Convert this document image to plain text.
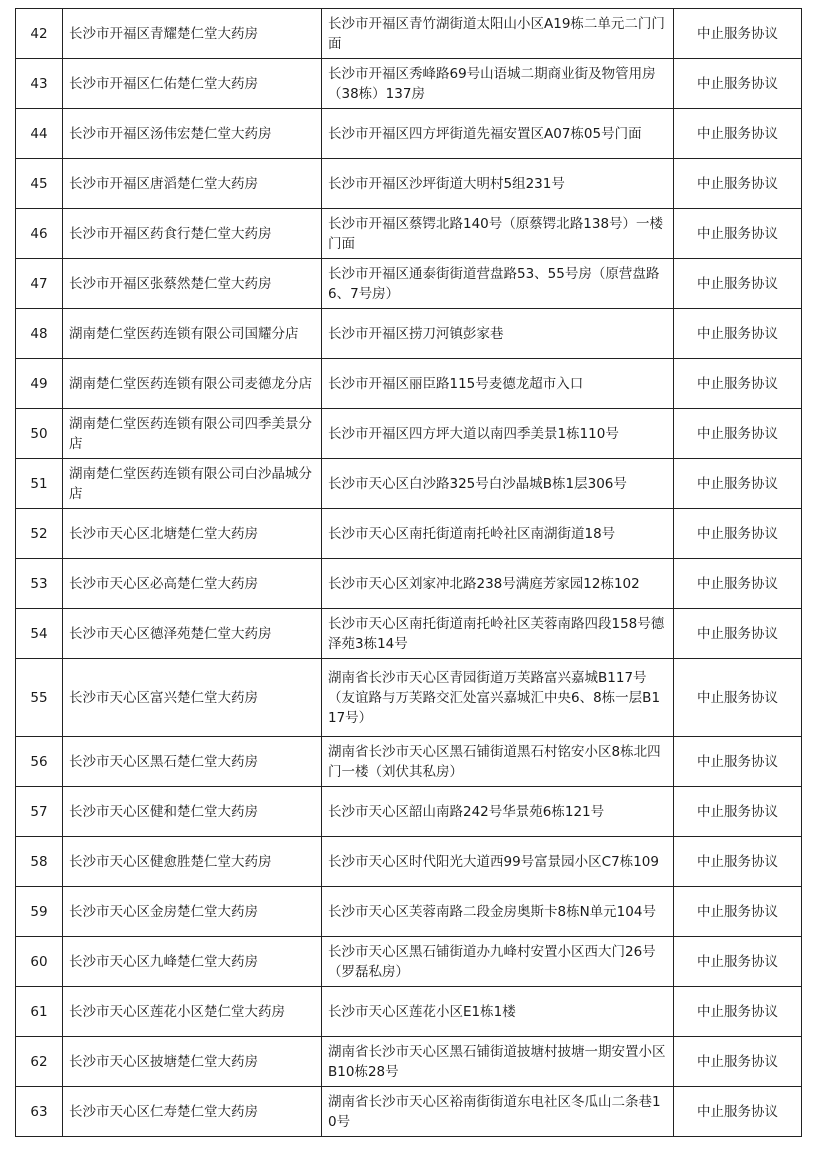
42	长沙市开福区青耀楚仁堂大药房	长沙市开福区青竹湖街道太阳山小区A19栋二单元二门门面	中止服务协议
43	长沙市开福区仁佑楚仁堂大药房	长沙市开福区秀峰路69号山语城二期商业街及物管用房（38栋）137房	中止服务协议
44	长沙市开福区汤伟宏楚仁堂大药房	长沙市开福区四方坪街道先福安置区A07栋05号门面	中止服务协议
45	长沙市开福区唐滔楚仁堂大药房	长沙市开福区沙坪街道大明村5组231号	中止服务协议
46	长沙市开福区药食行楚仁堂大药房	长沙市开福区蔡锷北路140号（原蔡锷北路138号）一楼门面	中止服务协议
47	长沙市开福区张蔡然楚仁堂大药房	长沙市开福区通泰街街道营盘路53、55号房（原营盘路6、7号房）	中止服务协议
48	湖南楚仁堂医药连锁有限公司国耀分店	长沙市开福区捞刀河镇彭家巷	中止服务协议
49	湖南楚仁堂医药连锁有限公司麦德龙分店	长沙市开福区丽臣路115号麦德龙超市入口	中止服务协议
50	湖南楚仁堂医药连锁有限公司四季美景分店	长沙市开福区四方坪大道以南四季美景1栋110号	中止服务协议
51	湖南楚仁堂医药连锁有限公司白沙晶城分店	长沙市天心区白沙路325号白沙晶城B栋1层306号	中止服务协议
52	长沙市天心区北塘楚仁堂大药房	长沙市天心区南托街道南托岭社区南湖街道18号	中止服务协议
53	长沙市天心区必高楚仁堂大药房	长沙市天心区刘家冲北路238号满庭芳家园12栋102	中止服务协议
54	长沙市天心区德泽苑楚仁堂大药房	长沙市天心区南托街道南托岭社区芙蓉南路四段158号德泽苑3栋14号	中止服务协议
55	长沙市天心区富兴楚仁堂大药房	湖南省长沙市天心区青园街道万芙路富兴嘉城B117号（友谊路与万芙路交汇处富兴嘉城汇中央6、8栋一层B117号）	中止服务协议
56	长沙市天心区黑石楚仁堂大药房	湖南省长沙市天心区黑石铺街道黑石村铭安小区8栋北四门一楼（刘伏其私房）	中止服务协议
57	长沙市天心区健和楚仁堂大药房	长沙市天心区韶山南路242号华景苑6栋121号	中止服务协议
58	长沙市天心区健愈胜楚仁堂大药房	长沙市天心区时代阳光大道西99号富景园小区C7栋109	中止服务协议
59	长沙市天心区金房楚仁堂大药房	长沙市天心区芙蓉南路二段金房奥斯卡8栋N单元104号	中止服务协议
60	长沙市天心区九峰楚仁堂大药房	长沙市天心区黑石铺街道办九峰村安置小区西大门26号（罗磊私房）	中止服务协议
61	长沙市天心区莲花小区楚仁堂大药房	长沙市天心区莲花小区E1栋1楼	中止服务协议
62	长沙市天心区披塘楚仁堂大药房	湖南省长沙市天心区黑石铺街道披塘村披塘一期安置小区B10栋28号	中止服务协议
63	长沙市天心区仁寿楚仁堂大药房	湖南省长沙市天心区裕南街街道东电社区冬瓜山二条巷10号	中止服务协议
